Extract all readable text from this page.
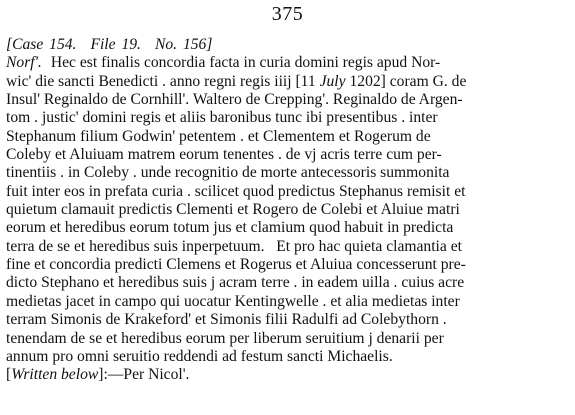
375
[Case 154. File 19. No. 156]
Norf'. Hec est finalis concordia facta in curia domini regis apud Nor-
wic' die sancti Benedicti . anno regni regis iiij [11 July 1202] coram G. de
Insul' Reginaldo de Cornhill'. Waltero de Crepping'. Reginaldo de Argen-
tom . justic' domini regis et aliis baronibus tunc ibi presentibus . inter
Stephanum filium Godwin' petentem . et Clementem et Rogerum de
Coleby et Aluiuam matrem eorum tenentes . de vj acris terre cum per-
tinentiis . in Coleby . unde recognitio de morte antecessoris summonita
fuit inter eos in prefata curia . scilicet quod predictus Stephanus remisit et
quietum clamauit predictis Clementi et Rogero de Colebi et Aluiue matri
eorum et heredibus eorum totum jus et clamium quod habuit in predicta
terra de se et heredibus suis inperpetuum.   Et pro hac quieta clamantia et
fine et concordia predicti Clemens et Rogerus et Aluiua concesserunt pre-
dicto Stephano et heredibus suis j acram terre . in eadem uilla . cuius acre
medietas jacet in campo qui uocatur Kentingwelle . et alia medietas inter
terram Simonis de Krakeford' et Simonis filii Radulfi ad Colebythorn .
tenendam de se et heredibus eorum per liberum seruitium j denarii per
annum pro omni seruitio reddendi ad festum sancti Michaelis.
[Written below]:—Per Nicol'.
